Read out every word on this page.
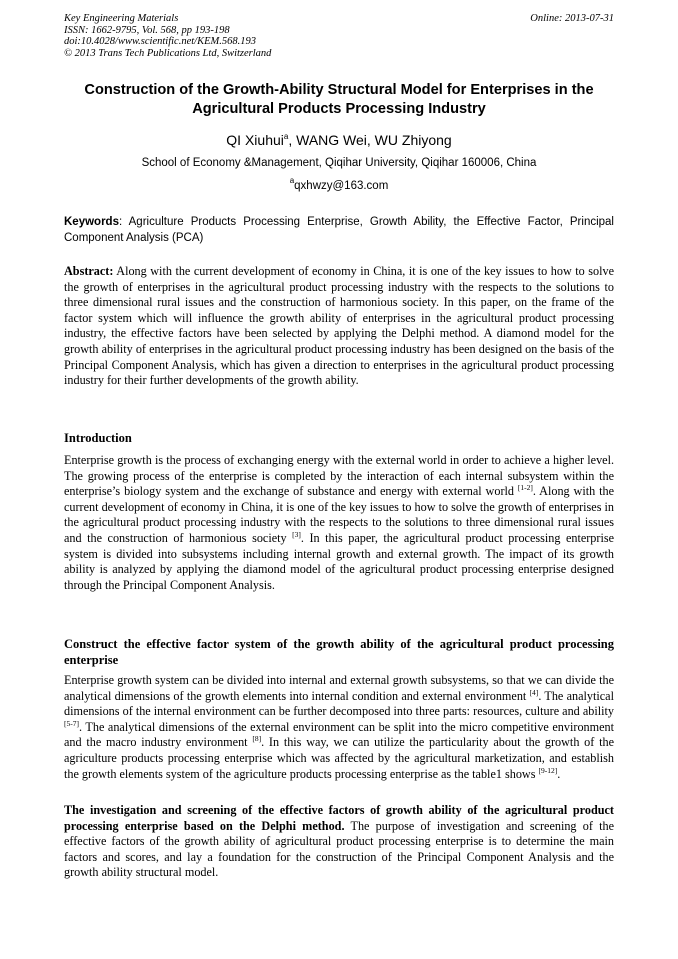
Key Engineering Materials
ISSN: 1662-9795, Vol. 568, pp 193-198
doi:10.4028/www.scientific.net/KEM.568.193
© 2013 Trans Tech Publications Ltd, Switzerland
Online: 2013-07-31
Construction of the Growth-Ability Structural Model for Enterprises in the Agricultural Products Processing Industry
QI Xiuhui$^a$, WANG Wei, WU Zhiyong
School of Economy &Management, Qiqihar University, Qiqihar 160006, China
$^a$qxhwzy@163.com
Keywords: Agriculture Products Processing Enterprise, Growth Ability, the Effective Factor, Principal Component Analysis (PCA)
Abstract: Along with the current development of economy in China, it is one of the key issues to how to solve the growth of enterprises in the agricultural product processing industry with the respects to the solutions to three dimensional rural issues and the construction of harmonious society. In this paper, on the frame of the factor system which will influence the growth ability of enterprises in the agricultural product processing industry, the effective factors have been selected by applying the Delphi method. A diamond model for the growth ability of enterprises in the agricultural product processing industry has been designed on the basis of the Principal Component Analysis, which has given a direction to enterprises in the agricultural product processing industry for their further developments of the growth ability.
Introduction
Enterprise growth is the process of exchanging energy with the external world in order to achieve a higher level. The growing process of the enterprise is completed by the interaction of each internal subsystem within the enterprise’s biology system and the exchange of substance and energy with external world [1-2]. Along with the current development of economy in China, it is one of the key issues to how to solve the growth of enterprises in the agricultural product processing industry with the respects to the solutions to three dimensional rural issues and the construction of harmonious society [3]. In this paper, the agricultural product processing enterprise system is divided into subsystems including internal growth and external growth. The impact of its growth ability is analyzed by applying the diamond model of the agricultural product processing enterprise designed through the Principal Component Analysis.
Construct the effective factor system of the growth ability of the agricultural product processing enterprise
Enterprise growth system can be divided into internal and external growth subsystems, so that we can divide the analytical dimensions of the growth elements into internal condition and external environment [4]. The analytical dimensions of the internal environment can be further decomposed into three parts: resources, culture and ability [5-7]. The analytical dimensions of the external environment can be split into the micro competitive environment and the macro industry environment [8]. In this way, we can utilize the particularity about the growth of the agriculture products processing enterprise which was affected by the agricultural marketization, and establish the growth elements system of the agriculture products processing enterprise as the table1 shows [9-12].
The investigation and screening of the effective factors of growth ability of the agricultural product processing enterprise based on the Delphi method. The purpose of investigation and screening of the effective factors of the growth ability of agricultural product processing enterprise is to determine the main factors and scores, and lay a foundation for the construction of the Principal Component Analysis and the growth ability structural model.
